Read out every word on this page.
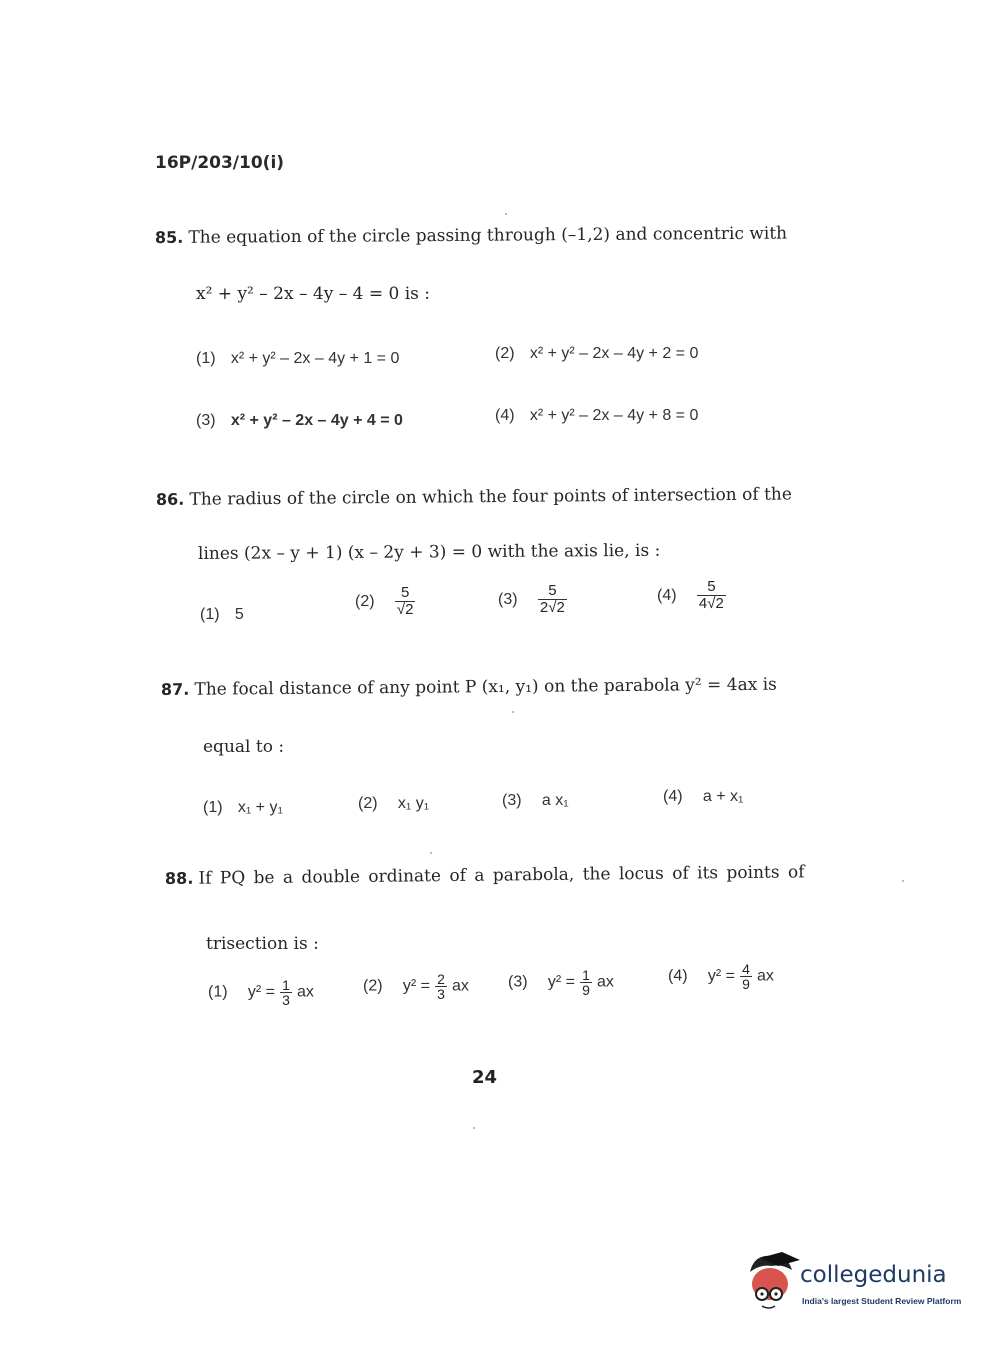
16P/203/10(i)
85. The equation of the circle passing through (–1,2) and concentric with
x² + y² – 2x – 4y – 4 = 0 is :
(1) x² + y² – 2x – 4y + 1 = 0	(2) x² + y² – 2x – 4y + 2 = 0
(3) x² + y² – 2x – 4y + 4 = 0	(4) x² + y² – 2x – 4y + 8 = 0
86. The radius of the circle on which the four points of intersection of the
lines (2x – y + 1) (x – 2y + 3) = 0 with the axis lie, is :
(1) 5
$(2) \frac{5}{√2}$	$(3) \frac{5}{2√2}$	$(4) \frac{5}{4√2}$
87. The focal distance of any point P (x₁, y₁) on the parabola y² = 4ax is
equal to :
(1) x₁ + y₁	(2) x₁ y₁	(3) a x₁	(4) a + x₁
88. If PQ be a double ordinate of a parabola, the locus of its points of
trisection is :
(1) $y^2 = \frac{1}{3}$ ax	(2) $y^2 = \frac{2}{3}$ ax (3) $y^2 = \frac{1}{9}$ ax	(4) $y^2 = \frac{4}{9}$ ax
24
collegedunia
India's largest Student Review Platform
